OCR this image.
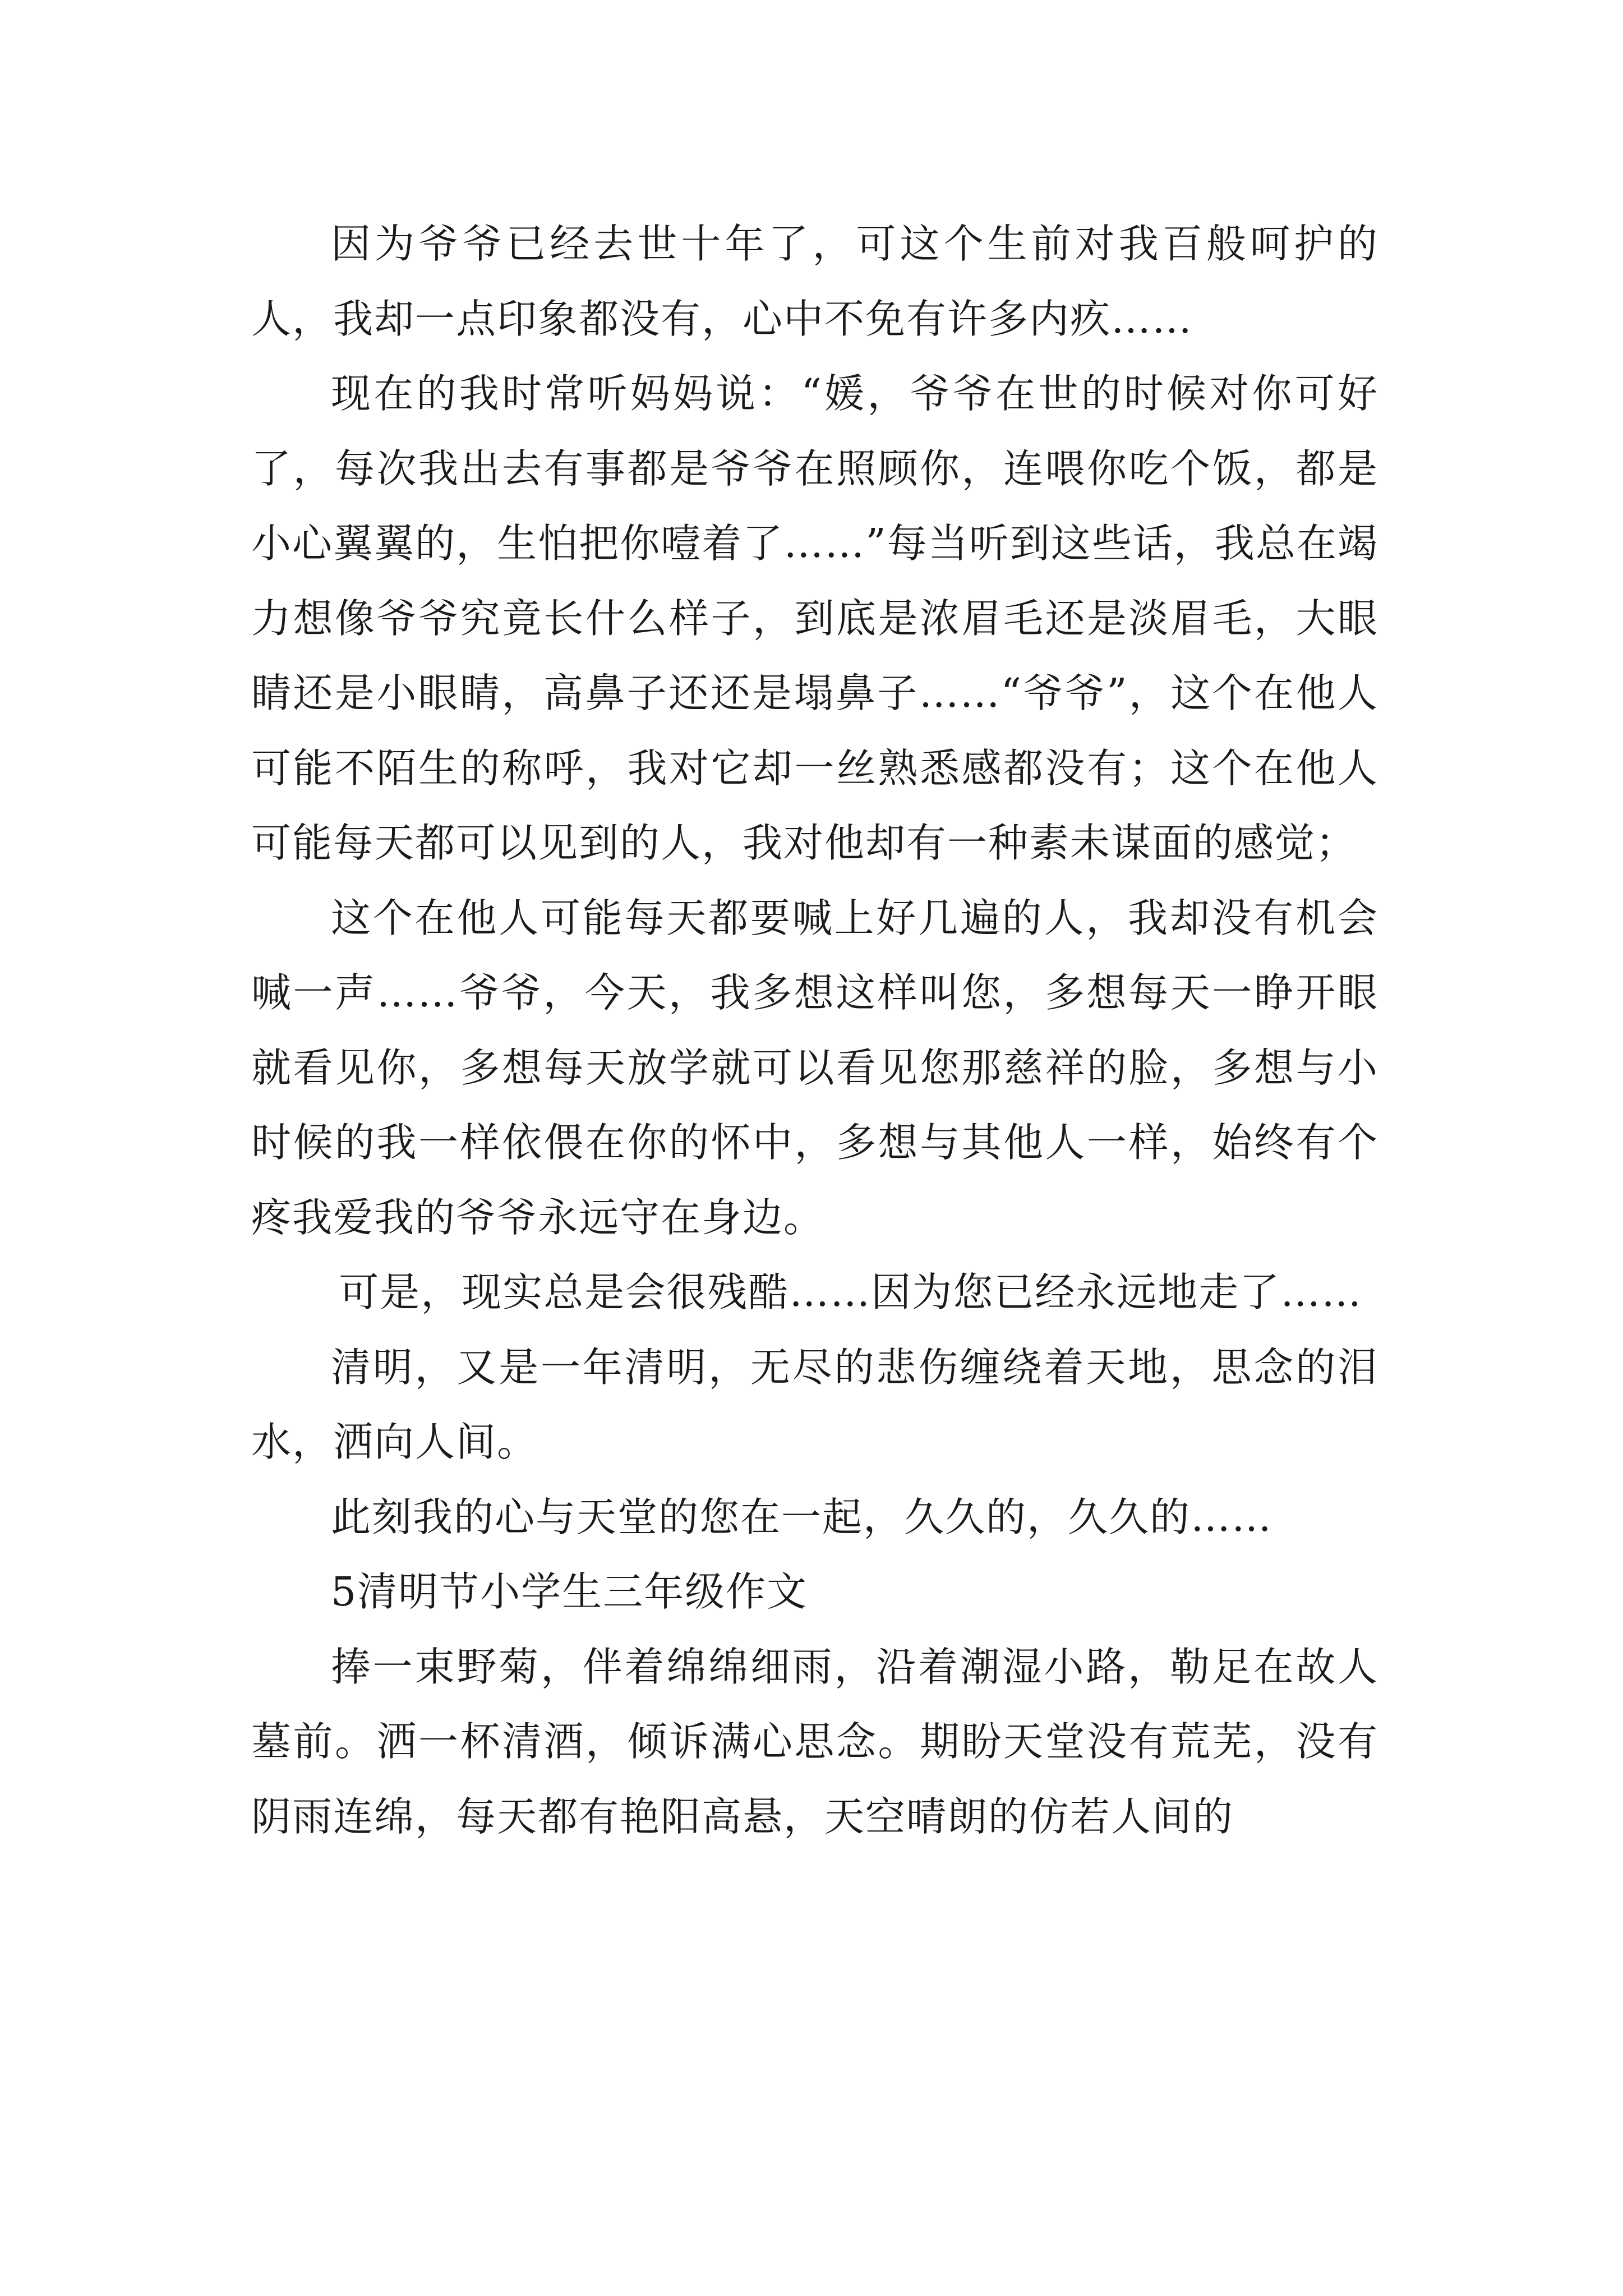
因为爷爷已经去世十年了，可这个生前对我百般呵护的人，我却一点印象都没有，心中不免有许多内疚……

现在的我时常听妈妈说：“媛，爷爷在世的时候对你可好了，每次我出去有事都是爷爷在照顾你，连喂你吃个饭，都是小心翼翼的，生怕把你噎着了……”每当听到这些话，我总在竭力想像爷爷究竟长什么样子，到底是浓眉毛还是淡眉毛，大眼睛还是小眼睛，高鼻子还还是塌鼻子……“爷爷”，这个在他人可能不陌生的称呼，我对它却一丝熟悉感都没有；这个在他人可能每天都可以见到的人，我对他却有一种素未谋面的感觉；

这个在他人可能每天都要喊上好几遍的人，我却没有机会喊一声……爷爷，今天，我多想这样叫您，多想每天一睁开眼就看见你，多想每天放学就可以看见您那慈祥的脸，多想与小时候的我一样依偎在你的怀中，多想与其他人一样，始终有个疼我爱我的爷爷永远守在身边。

可是，现实总是会很残酷……因为您已经永远地走了……

清明，又是一年清明，无尽的悲伤缠绕着天地，思念的泪水，洒向人间。

此刻我的心与天堂的您在一起，久久的，久久的……

5清明节小学生三年级作文

捧一束野菊，伴着绵绵细雨，沿着潮湿小路，勒足在故人墓前。洒一杯清酒，倾诉满心思念。期盼天堂没有荒芜，没有阴雨连绵，每天都有艳阳高悬，天空晴朗的仿若人间的
